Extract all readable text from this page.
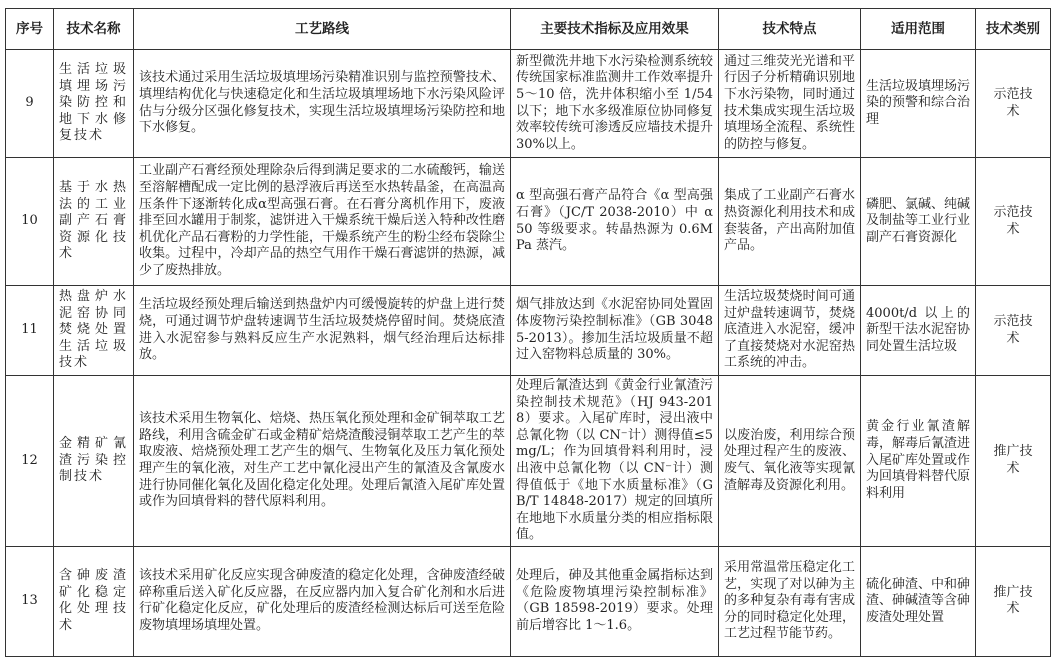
序号	技术名称	工艺路线	主要技术指标及应用效果	技术特点	适用范围	技术类别
9	生活垃圾填埋场污染防控和地下水修复技术	该技术通过采用生活垃圾填埋场污染精准识别与监控预警技术、填埋结构优化与快速稳定化和生活垃圾填埋场地下水污染风险评估与分级分区强化修复技术，实现生活垃圾填埋场污染防控和地下水修复。	新型微洗井地下水污染检测系统较传统国家标准监测井工作效率提升 5～10 倍，洗井体积缩小至 1/54 以下；地下水多级准原位协同修复效率较传统可渗透反应墙技术提升 30%以上。	通过三维荧光光谱和平行因子分析精确识别地下水污染物，同时通过技术集成实现生活垃圾填埋场全流程、系统性的防控与修复。	生活垃圾填埋场污染的预警和综合治理	示范技术
10	基于水热法的工业副产石膏资源化技术	工业副产石膏经预处理除杂后得到满足要求的二水硫酸钙，输送至溶解槽配成一定比例的悬浮液后再送至水热转晶釜，在高温高压条件下逐渐转化成α型高强石膏。在石膏分离机作用下，废液排至回水罐用于制浆，滤饼进入干燥系统干燥后送入特种改性磨机优化产品石膏粉的力学性能，干燥系统产生的粉尘经布袋除尘收集。过程中，冷却产品的热空气用作干燥石膏滤饼的热源，减少了废热排放。	α 型高强石膏产品符合《α 型高强石膏》（JC/T 2038-2010）中 α 50 等级要求。转晶热源为 0.6MPa 蒸汽。	集成了工业副产石膏水热资源化利用技术和成套装备，产出高附加值产品。	磷肥、氯碱、纯碱及制盐等工业行业副产石膏资源化	示范技术
11	热盘炉水泥窑协同焚烧处置生活垃圾技术	生活垃圾经预处理后输送到热盘炉内可缓慢旋转的炉盘上进行焚烧，可通过调节炉盘转速调节生活垃圾焚烧停留时间。焚烧底渣进入水泥窑参与熟料反应生产水泥熟料，烟气经治理后达标排放。	烟气排放达到《水泥窑协同处置固体废物污染控制标准》（GB 30485-2013）。掺加生活垃圾质量不超过入窑物料总质量的 30%。	生活垃圾焚烧时间可通过炉盘转速调节，焚烧底渣进入水泥窑，缓冲了直接焚烧对水泥窑热工系统的冲击。	4000t/d 以上的新型干法水泥窑协同处置生活垃圾	示范技术
12	金精矿氰渣污染控制技术	该技术采用生物氧化、焙烧、热压氧化预处理和金矿铜萃取工艺路线，利用含硫金矿石或金精矿焙烧渣酸浸铜萃取工艺产生的萃取废液、焙烧预处理工艺产生的烟气、生物氧化及压力氧化预处理产生的氧化液，对生产工艺中氰化浸出产生的氰渣及含氰废水进行协同催化氧化及固化稳定化处理。处理后氰渣入尾矿库处置或作为回填骨料的替代原料利用。	处理后氰渣达到《黄金行业氰渣污染控制技术规范》（HJ 943-2018）要求。入尾矿库时，浸出液中总氰化物（以 CN⁻计）测得值≤5mg/L；作为回填骨料利用时，浸出液中总氰化物（以 CN⁻计）测得值低于《地下水质量标准》（GB/T 14848-2017）规定的回填所在地地下水质量分类的相应指标限值。	以废治废，利用综合预处理过程产生的废液、废气、氧化液等实现氰渣解毒及资源化利用。	黄金行业氰渣解毒，解毒后氰渣进入尾矿库处置或作为回填骨料替代原料利用	推广技术
13	含砷废渣矿化稳定化处理技术	该技术采用矿化反应实现含砷废渣的稳定化处理，含砷废渣经破碎称重后送入矿化反应器，在反应器内加入复合矿化剂和水后进行矿化稳定化反应，矿化处理后的废渣经检测达标后可送至危险废物填埋场填埋处置。	处理后，砷及其他重金属指标达到《危险废物填埋污染控制标准》（GB 18598-2019）要求。处理前后增容比 1～1.6。	采用常温常压稳定化工艺，实现了对以砷为主的多种复杂有毒有害成分的同时稳定化处理，工艺过程节能节药。	硫化砷渣、中和砷渣、砷碱渣等含砷废渣处理处置	推广技术
